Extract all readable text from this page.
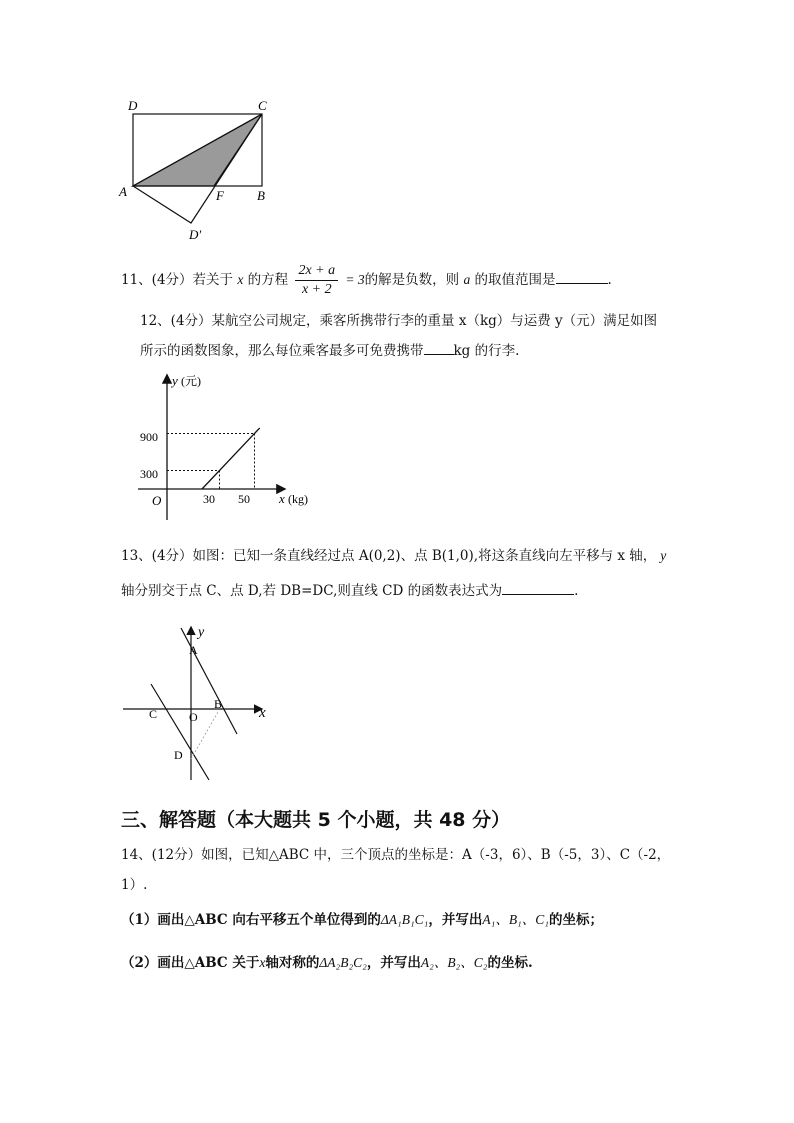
D	C
A	F	B
D′
11、(4分）若关于 x 的方程 $\frac{2x + a}{x + 2} = 3$的解是负数，则 a 的取值范围是	.
12、(4分）某航空公司规定，乘客所携带行李的重量 x（kg）与运费 y（元）满足如图
所示的函数图象，那么每位乘客最多可免费携带 kg 的行李.
y (元)
x (kg)
O
900
300
30 50
13、(4分）如图：已知一条直线经过点 A(0,2)、点 B(1,0),将这条直线向左平移与 x 轴， y
轴分别交于点 C、点 D,若 DB=DC,则直线 CD 的函数表达式为	.
y
x
A
B
C	O
D
三、解答题（本大题共 5 个小题，共 48 分）
14、(12分）如图，已知△ABC 中，三个顶点的坐标是：A（-3，6）、B（-5，3）、C（-2，
1）.
（1）画出△ABC 向右平移五个单位得到的ΔA₁B₁C₁，并写出A₁、B₁、C₁的坐标；
（2）画出△ABC 关于x轴对称的ΔA₂B₂C₂，并写出A₂、B₂、C₂的坐标.
